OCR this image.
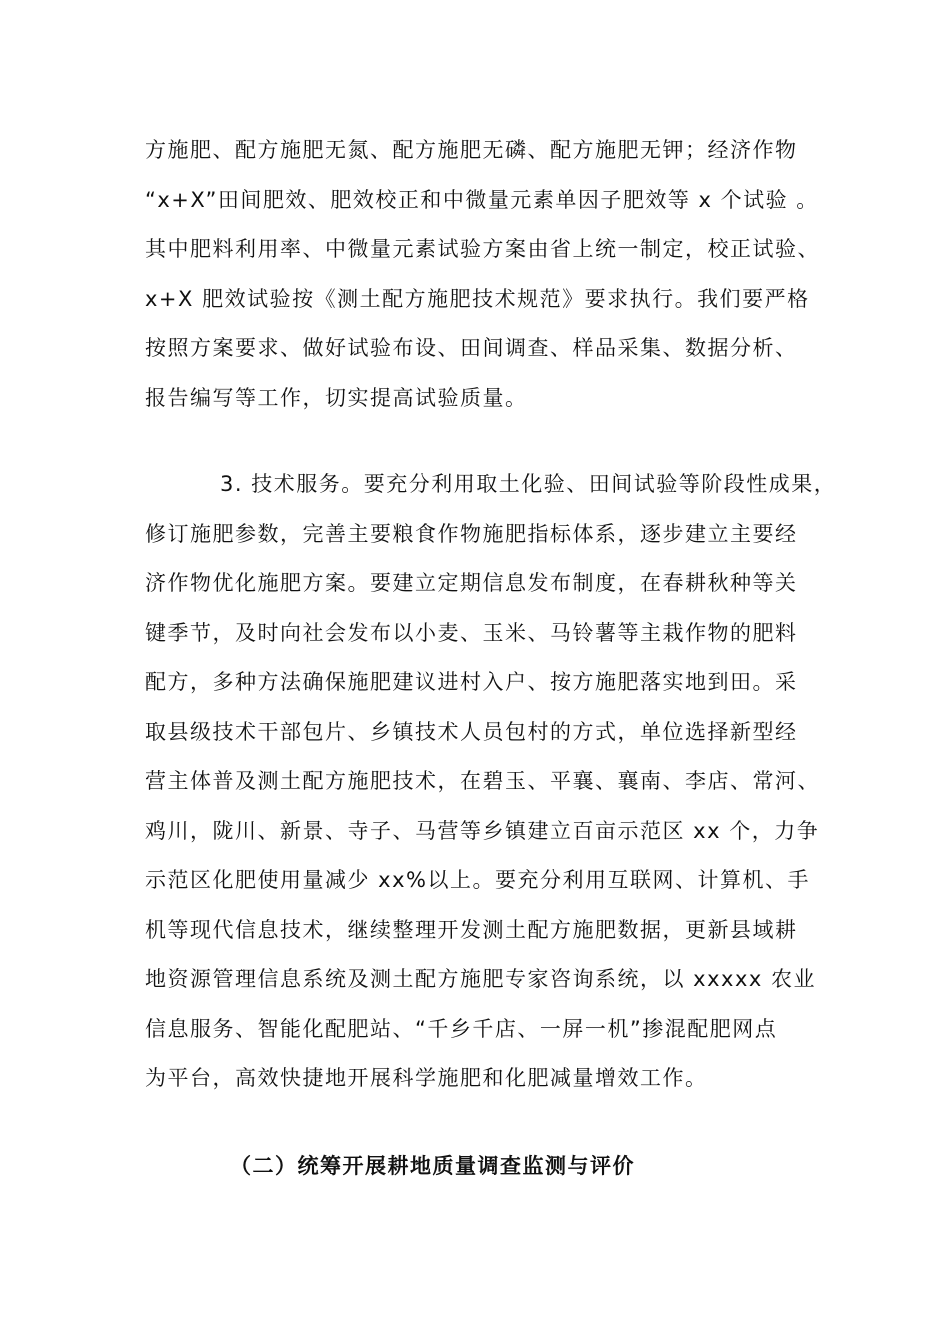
方施肥、配方施肥无氮、配方施肥无磷、配方施肥无钾；经济作物
“x+X”田间肥效、肥效校正和中微量元素单因子肥效等 x 个试验 。
其中肥料利用率、中微量元素试验方案由省上统一制定，校正试验、
x+X 肥效试验按《测土配方施肥技术规范》要求执行。我们要严格
按照方案要求、做好试验布设、田间调查、样品采集、数据分析、
报告编写等工作，切实提高试验质量。
3. 技术服务。要充分利用取土化验、田间试验等阶段性成果，
修订施肥参数，完善主要粮食作物施肥指标体系，逐步建立主要经
济作物优化施肥方案。要建立定期信息发布制度，在春耕秋种等关
键季节，及时向社会发布以小麦、玉米、马铃薯等主栽作物的肥料
配方，多种方法确保施肥建议进村入户、按方施肥落实地到田。采
取县级技术干部包片、乡镇技术人员包村的方式，单位选择新型经
营主体普及测土配方施肥技术，在碧玉、平襄、襄南、李店、常河、
鸡川，陇川、新景、寺子、马营等乡镇建立百亩示范区 xx 个，力争
示范区化肥使用量减少 xx%以上。要充分利用互联网、计算机、手
机等现代信息技术，继续整理开发测土配方施肥数据，更新县域耕
地资源管理信息系统及测土配方施肥专家咨询系统，以 xxxxx 农业
信息服务、智能化配肥站、“千乡千店、一屏一机”掺混配肥网点
为平台，高效快捷地开展科学施肥和化肥减量增效工作。
（二）统筹开展耕地质量调查监测与评价
